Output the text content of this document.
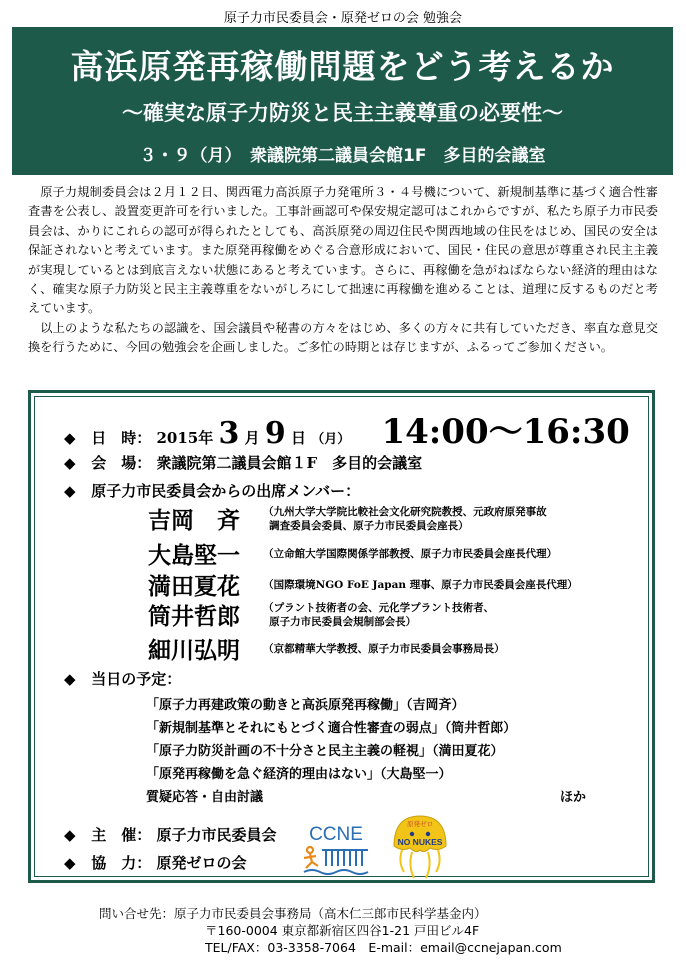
原子力市民委員会・原発ゼロの会 勉強会
高浜原発再稼働問題をどう考えるか
〜確実な原子力防災と民主主義尊重の必要性〜
３・９（月）　衆議院第二議員会館1F　多目的会議室

原子力規制委員会は２月１２日、関西電力高浜原子力発電所３・４号機について、新規制基準に基づく適合性審査書を公表し、設置変更許可を行いました。工事計画認可や保安規定認可はこれからですが、私たち原子力市民委員会は、かりにこれらの認可が得られたとしても、高浜原発の周辺住民や関西地域の住民をはじめ、国民の安全は保証されないと考えています。また原発再稼働をめぐる合意形成において、国民・住民の意思が尊重され民主主義が実現しているとは到底言えない状態にあると考えています。さらに、再稼働を急がねばならない経済的理由はなく、確実な原子力防災と民主主義尊重をないがしろにして拙速に再稼働を進めることは、道理に反するものだと考えています。

以上のような私たちの認識を、国会議員や秘書の方々をはじめ、多くの方々に共有していただき、率直な意見交換を行うために、今回の勉強会を企画しました。ご多忙の時期とは存じますが、ふるってご参加ください。

◆ 日　時： 2015年 3 月 9 日 （月） 14:00〜16:30
◆ 会　場： 衆議院第二議員会館１F　多目的会議室
◆ 原子力市民委員会からの出席メンバー：
吉岡　斉 （九州大学大学院比較社会文化研究院教授、元政府原発事故
調査委員会委員、原子力市民委員会座長）
大島堅一 （立命館大学国際関係学部教授、原子力市民委員会座長代理）
満田夏花 （国際環境NGO FoE Japan 理事、原子力市民委員会座長代理）
筒井哲郎 （プラント技術者の会、元化学プラント技術者、
原子力市民委員会規制部会長）
細川弘明 （京都精華大学教授、原子力市民委員会事務局長）
◆ 当日の予定：
「原子力再建政策の動きと高浜原発再稼働」（吉岡斉）
「新規制基準とそれにもとづく適合性審査の弱点」（筒井哲郎）
「原子力防災計画の不十分さと民主主義の軽視」（満田夏花）
「原発再稼働を急ぐ経済的理由はない」（大島堅一）
質疑応答・自由討議	ほか
◆ 主　催： 原子力市民委員会
◆ 協　力： 原発ゼロの会
CCNE	原発ゼロ
NO NUKES
問い合せ先：原子力市民委員会事務局（高木仁三郎市民科学基金内）
〒160-0004 東京都新宿区四谷1-21 戸田ビル4F
TEL/FAX：03-3358-7064　E-mail：email@ccnejapan.com
